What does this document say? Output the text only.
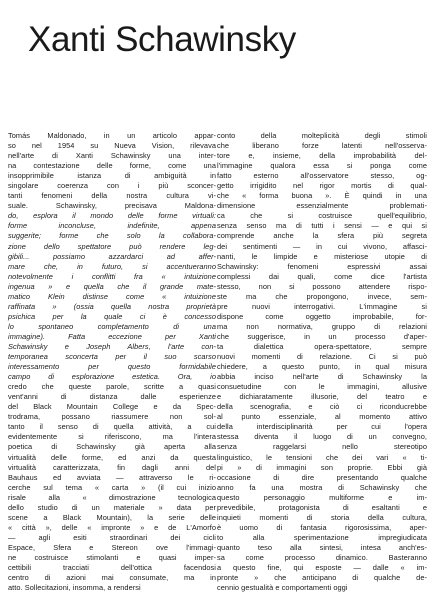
Xanti Schawinsky
Tomás Maldonado, in un articolo appar-
so nel 1954 su Nueva Vision, rilevava
nell'arte di Xanti Schawinsky una inter-
na contestazione delle forme, come una
insopprimibile istanza di ambiguità in
singolare coerenza con i più sconcer-
tanti fenomeni della nostra cultura vi-
suale. Schawinsky, precisava Maldona-
do, esplora il mondo delle forme virtuali:
forme inconcluse, indefinite, appena
suggerite; forme che solo la collabora-
zione dello spettatore può rendere leg-
gibili... possiamo azzardarci ad affer-
mare che, in futuro, si accentueranno
notevolmente i conflitti fra « intuizione
ingenua » e quella che il grande mate-
matico Klein distinse come « intuizione
raffinata » (ossia quella nostra proprietà
psichica per la quale ci è concesso
lo spontaneo completamento di una
immagine). Fatta eccezione per Xanti
Schawinsky e Joseph Albers, l'arte con-
temporanea sconcerta per il suo scarso
interessamento per questo formidabile
campo di esplorazione estetica. Ora, io
credo che queste parole, scritte a quasi
vent'anni di distanza dalle esperienze
del Black Mountain College e da Spec-
trodrama, possano riassumere non sol-
tanto il senso di quella attività, a cui
evidentemente si riferiscono, ma l'intera
poetica di Schawinsky già aperta alla
virtualità delle forme, ed anzi da questa
virtualità caratterizzata, fin dagli anni del
Bauhaus ed avviata — attraverso le ri-
cerche sul tema « carta » (il cui inizio
risale alla « dimostrazione tecnologica
dello studio di un materiale » data per
scene a Black Mountain), la serie delle
« città », delle « impronte » e de L'Amorfo
— agli esiti straordinari dei cicli
Espace, Sfera e Stereon ove l'immagi-
ne costruisce stimolanti e quasi imper-
cettibili tracciati dell'ottica facendosi
centro di azioni mai consumate, ma in
atto. Sollecitazioni, insomma, a rendersi
conto della molteplicità degli stimoli
che liberano forze latenti nell'osserva-
tore e, insieme, della improbabilità del-
l'immagine qualora essa si ponga come
fatto esterno all'osservatore stesso, og-
getto irrigidito nel rigor mortis di qual-
che « forma buona ». È quindi in una
dimensione essenzialmente problemati-
ca che si costruisce quell'equilibrio,
senza senso ma di tutti i sensi — e qui si
comprende anche la sfera più segreta
dei sentimenti — in cui vivono, affasci-
nanti, le limpide e misteriose utopie di
Schawinsky: fenomeni espressivi assai
complessi dai quali, come dice l'artista
stesso, non si possono attendere rispo-
ste ma che propongono, invece, sem-
pre nuovi interrogativi. L'immagine si
dispone come oggetto improbabile, for-
ma non normativa, gruppo di relazioni
che suggerisce, in un processo d'aper-
ta dialettica opera-spettatore, sempre
nuovi momenti di relazione. Ci si può
chiedere, a questo punto, in qual misura
abbia inciso nell'arte di Schawinsky la
consuetudine con le immagini, allusive
e dichiaratamente illusorie, del teatro e
della scenografia, e ciò ci riconducrebbe
al punto essenziale, al momento attivo
della interdisciplinarità per cui l'opera
stessa diventa il luogo di un convegno,
senza raggelarsi nello stereotipo
linguistico, le tensioni che dei vari « ti-
pi » di immagini son proprie. Ebbi già
occasione di dire presentando qualche
anno fa una mostra di Schawinsky che
questo personaggio multiforme e im-
prevedibile, protagonista di esaltanti e
inquieti momenti di storia della cultura,
è uomo di fantasia rigorosissima, aper-
to alla sperimentazione impregiudicata
quanto teso alla sintesi, intesa anch'es-
sa come processo dinamico. Basteranno
a questo fine, qui esposte — dalle « im-
pronte » che anticipano di qualche de-
cennio gestualità e comportamenti oggi
